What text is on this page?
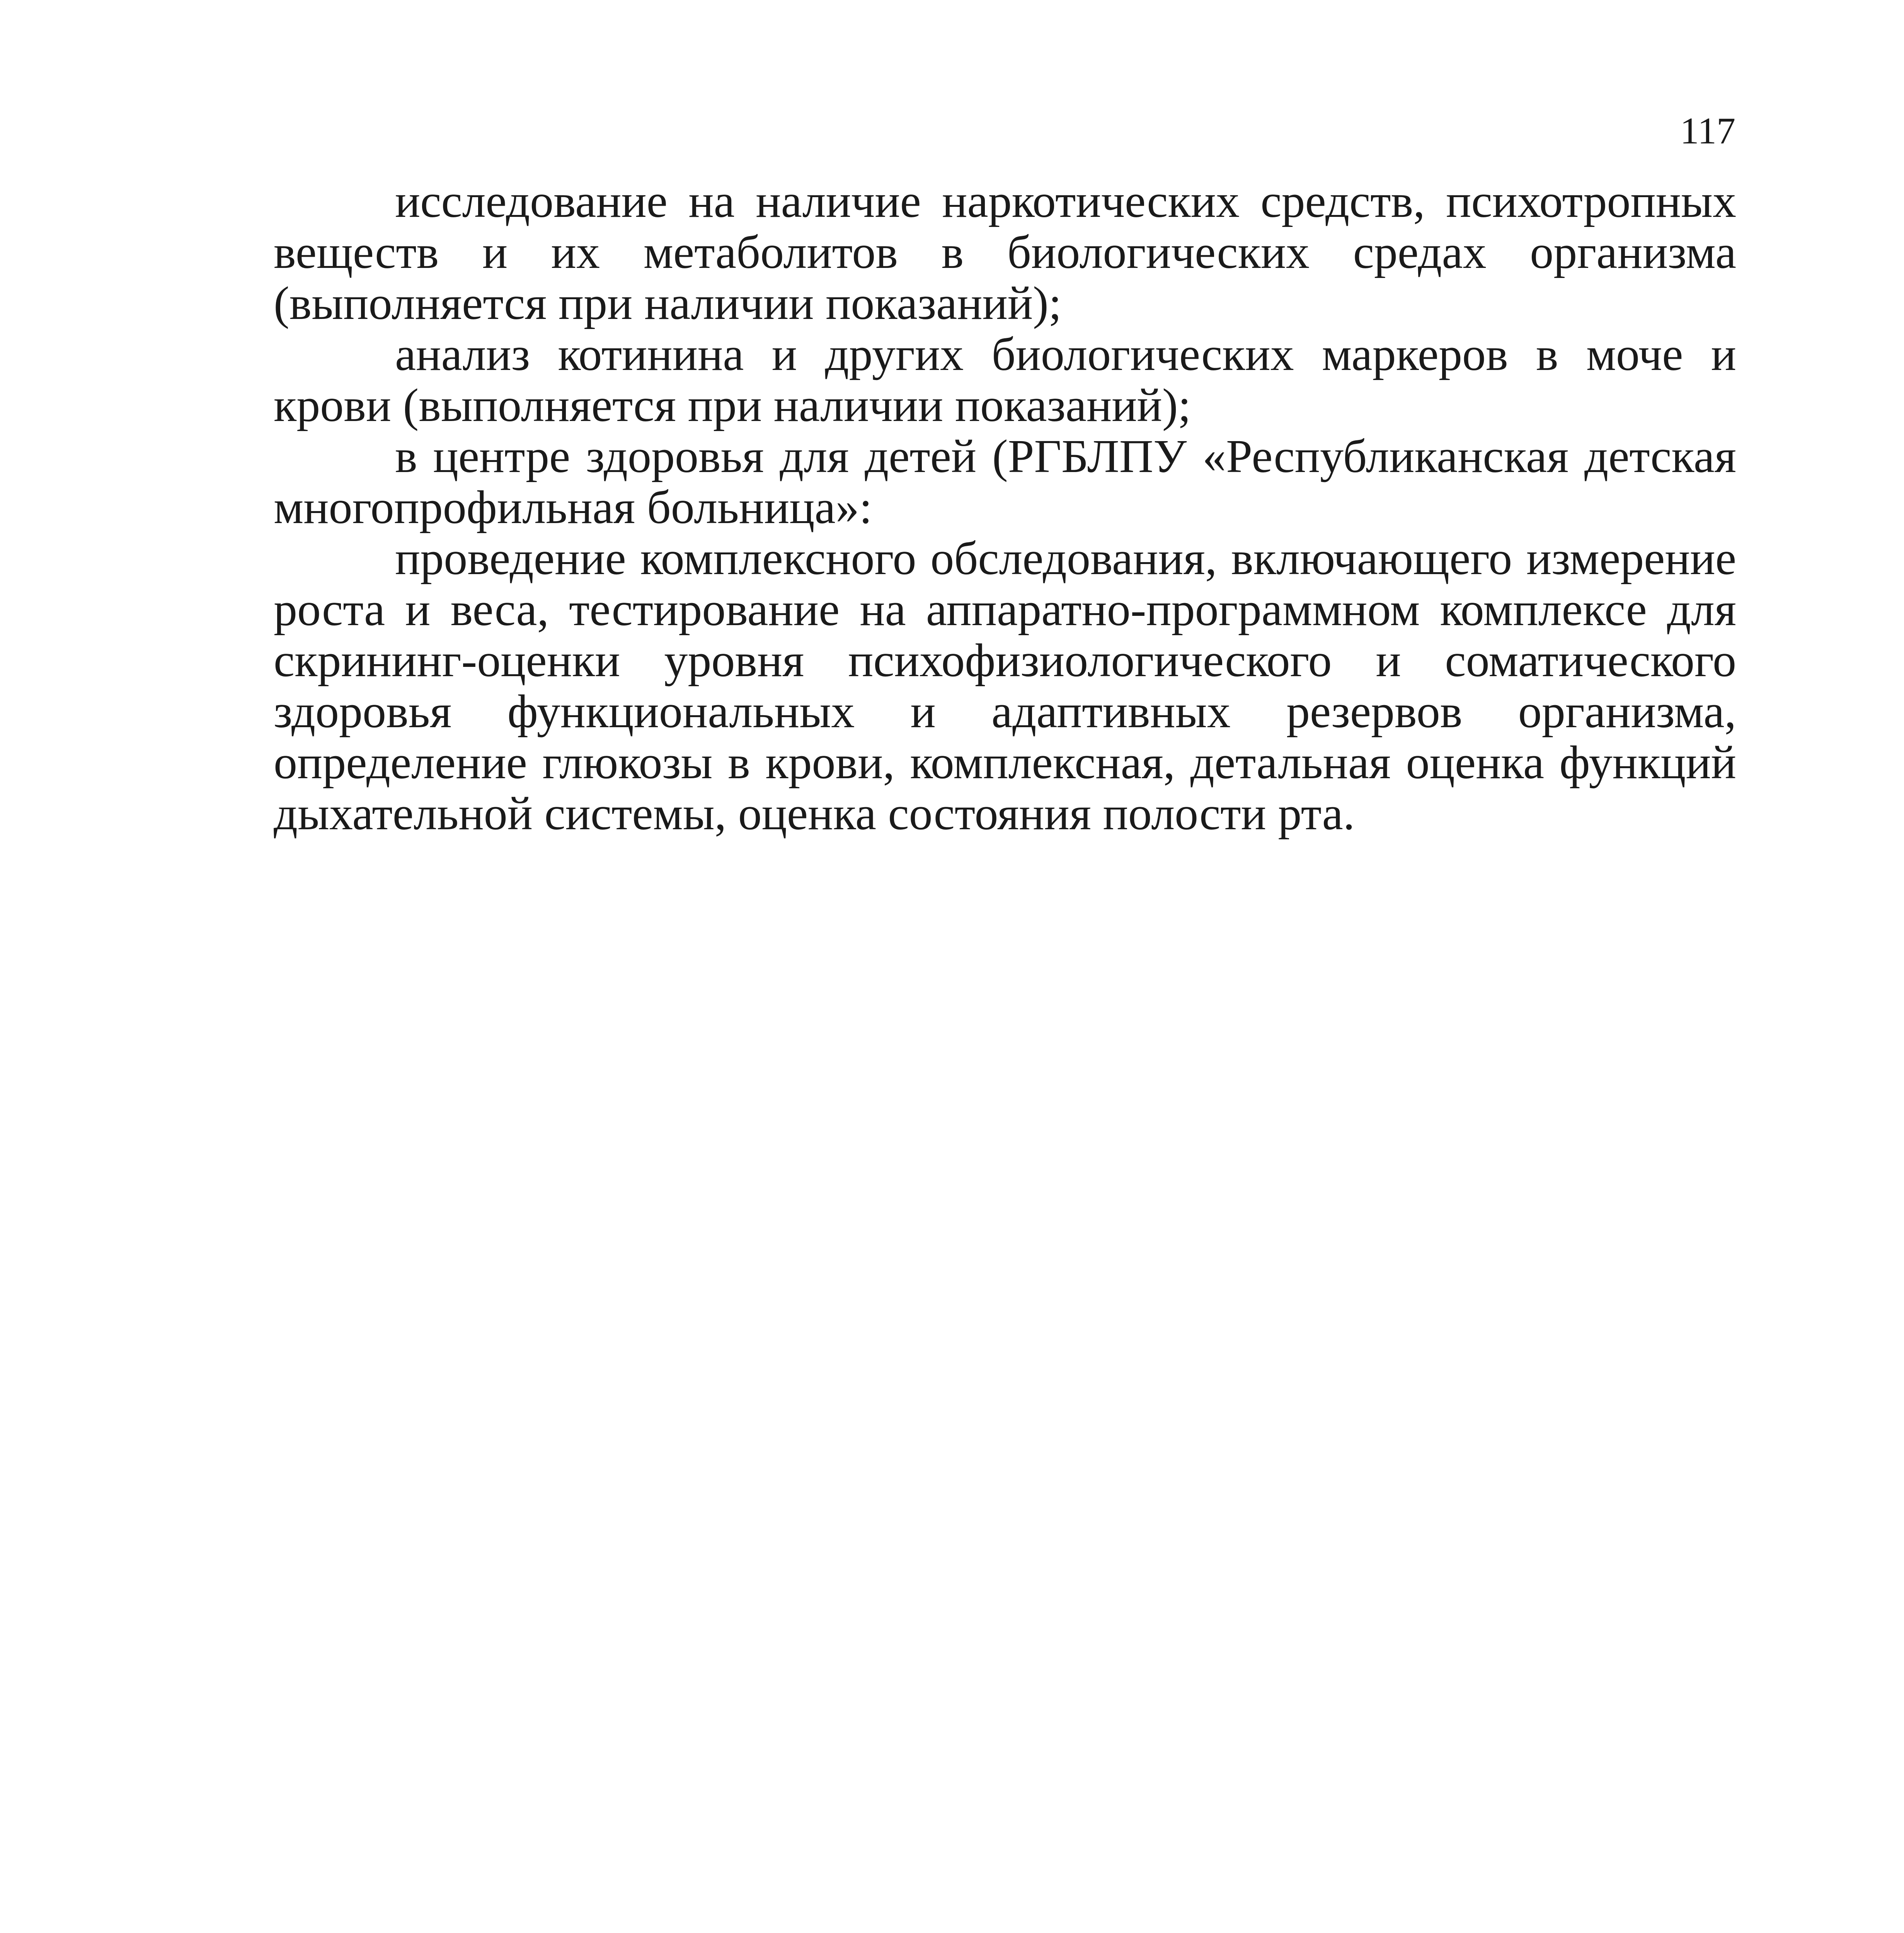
117

исследование на наличие наркотических средств, психотропных веществ и их метаболитов в биологических средах организма (выполняется при наличии показаний);

анализ котинина и других биологических маркеров в моче и крови (выполняется при наличии показаний);

в центре здоровья для детей (РГБЛПУ «Республиканская детская многопрофильная больница»:

проведение комплексного обследования, включающего измерение роста и веса, тестирование на аппаратно-программном комплексе для скрининг-оценки уровня психофизиологического и соматического здоровья функциональных и адаптивных резервов организма, определение глюкозы в крови, комплексная, детальная оценка функций дыхательной системы, оценка состояния полости рта.
